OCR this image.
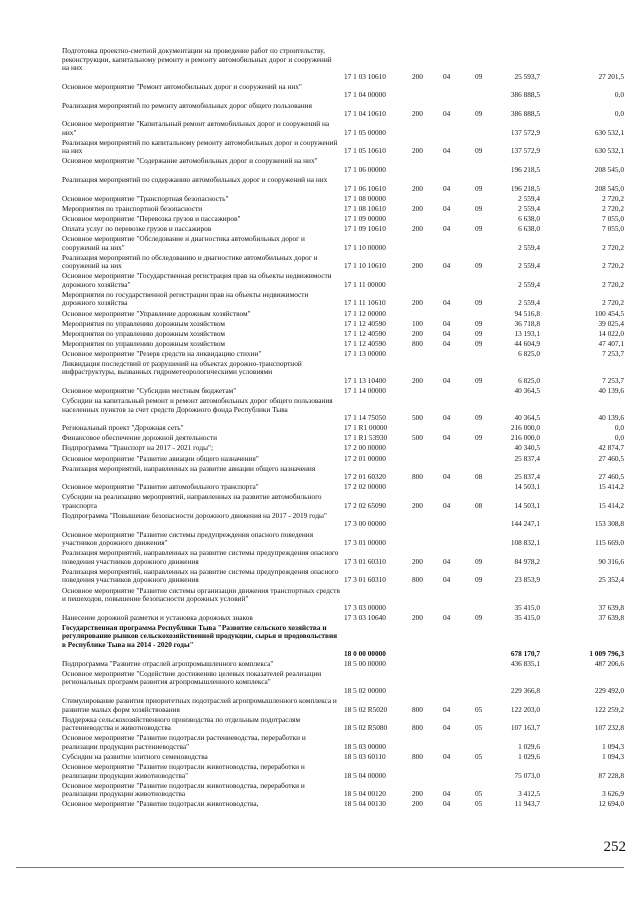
Подготовка проектно-сметной документации на проведение работ по строительству, реконструкции, капитальному ремонту и ремонту автомобильных дорог и сооружений на них
17 1 03 10610	200	04	09	25 593,7	27 201,5
Основное мероприятие "Ремонт автомобильных дорог и сооружений на них"
17 1 04 00000	386 888,5	0,0
Реализация мероприятий по ремонту автомобильных дорог общего пользования
17 1 04 10610	200	04	09	386 888,5	0,0
Основное мероприятие "Капитальный ремонт автомобильных дорог и сооружений на них"	17 1 05 00000	137 572,9	630 532,1
Реализация мероприятий по капитальному ремонту автомобильных дорог и сооружений на них	17 1 05 10610	200	04	09	137 572,9	630 532,1
Основное мероприятие "Содержание автомобильных дорог и сооружений на них"
17 1 06 00000	196 218,5	208 545,0
Реализация мероприятий по содержанию автомобильных дорог и сооружений на них
17 1 06 10610	200	04	09	196 218,5	208 545,0
Основное мероприятие "Транспортная безопасность"	17 1 08 00000	2 559,4	2 720,2
Мероприятия по транспортной безопасности	17 1 08 10610	200	04	09	2 559,4	2 720,2
Основное мероприятие "Перевозка грузов и пассажиров"	17 1 09 00000	6 638,0	7 055,0
Оплата услуг по перевозке грузов и пассажиров	17 1 09 10610	200	04	09	6 638,0	7 055,0
Основное мероприятие "Обследование и диагностика автомобильных дорог и сооружений на них"	17 1 10 00000	2 559,4	2 720,2
Реализация мероприятий по обследованию и диагностике автомобильных дорог и сооружений на них	17 1 10 10610	200	04	09	2 559,4	2 720,2
Основное мероприятие "Государственная регистрация прав на объекты недвижимости дорожного хозяйства"	17 1 11 00000	2 559,4	2 720,2
Мероприятия по государственной регистрации прав на объекты недвижимости дорожного хозяйства	17 1 11 10610	200	04	09	2 559,4	2 720,2
Основное мероприятие "Управление дорожным хозяйством"	17 1 12 00000	94 516,8	100 454,5
Мероприятия по управлению дорожным хозяйством	17 1 12 40590	100	04	09	36 718,8	39 025,4
Мероприятия по управлению дорожным хозяйством	17 1 12 40590	200	04	09	13 193,1	14 022,0
Мероприятия по управлению дорожным хозяйством	17 1 12 40590	800	04	09	44 604,9	47 407,1
Основное мероприятие "Резерв средств на ликвидацию стихии"	17 1 13 00000	6 825,0	7 253,7
Ликвидация последствий от разрушений на объектах дорожно-транспортной инфраструктуры, вызванных гидрометеорологическими условиями
17 1 13 10400	200	04	09	6 825,0	7 253,7
Основное мероприятие "Субсидии местным бюджетам"	17 1 14 00000	40 364,5	40 139,6
Субсидии на капитальный ремонт и ремонт автомобильных дорог общего пользования населенных пунктов за счет средств Дорожного фонда Республики Тыва
17 1 14 75050	500	04	09	40 364,5	40 139,6
Региональный проект "Дорожная сеть"	17 1 R1 00000	216 000,0	0,0
Финансовое обеспечение дорожной деятельности	17 1 R1 53930	500	04	09	216 000,0	0,0
Подпрограмма "Транспорт на 2017 - 2021 годы";	17 2 00 00000	40 340,5	42 874,7
Основное мероприятие "Развитие авиации общего назначения"	17 2 01 00000	25 837,4	27 460,5
Реализация мероприятий, направленных на развитие авиации общего назначения
17 2 01 60320	800	04	08	25 837,4	27 460,5
Основное мероприятие "Развитие автомобильного транспорта"	17 2 02 00000	14 503,1	15 414,2
Субсидии на реализацию мероприятий, направленных на развитие автомобильного транспорта	17 2 02 65090	200	04	08	14 503,1	15 414,2
Подпрограмма "Повышение безопасности дорожного движения на 2017 - 2019 годы"
17 3 00 00000	144 247,1	153 308,8
Основное мероприятие "Развитие системы предупреждения опасного поведения участников дорожного движения"	17 3 01 00000	108 832,1	115 669,0
Реализация мероприятий, направленных на развитие системы предупреждения опасного поведения участников дорожного движения	17 3 01 60310	200	04	09	84 978,2	90 316,6
Реализация мероприятий, направленных на развитие системы предупреждения опасного поведения участников дорожного движения	17 3 01 60310	800	04	09	23 853,9	25 352,4
Основное мероприятие "Развитие системы организации движения транспортных средств и пешеходов, повышение безопасности дорожных условий"
17 3 03 00000	35 415,0	37 639,8
Нанесение дорожной разметки и установка дорожных знаков	17 3 03 10640	200	04	09	35 415,0	37 639,8
Государственная программа Республики Тыва "Развитие сельского хозяйства и регулирование рынков сельскохозяйственной продукции, сырья и продовольствия в Республике Тыва на 2014 - 2020 годы"
18 0 00 00000	678 170,7	1 009 796,3
Подпрограмма "Развитие отраслей агропромышленного комплекса"	18 5 00 00000	436 835,1	487 206,6
Основное мероприятие "Содействие достижению целевых показателей реализации региональных программ развития агропромышленного комплекса"
18 5 02 00000	229 366,8	229 492,0
Стимулирование развития приоритетных подотраслей агропромышленного комплекса и развитие малых форм хозяйствования	18 5 02 R5020	800	04	05	122 203,0	122 259,2
Поддержка сельскохозяйственного производства по отдельным подотраслям растениеводства и животноводства	18 5 02 R5080	800	04	05	107 163,7	107 232,8
Основное мероприятие "Развитие подотрасли растениеводства, переработки и реализации продукции растениеводства"	18 5 03 00000	1 029,6	1 094,3
Субсидии на развитие элитного семеноводства	18 5 03 60110	800	04	05	1 029,6	1 094,3
Основное мероприятие "Развитие подотрасли животноводства, переработки и реализации продукции животноводства"	18 5 04 00000	75 073,0	87 228,8
Основное мероприятие "Развитие подотрасли животноводства, переработки и реализации продукции животноводства	18 5 04 00120	200	04	05	3 412,5	3 626,9
Основное мероприятие "Развитие подотрасли животноводства,	18 5 04 00130	200	04	05	11 943,7	12 694,0
252
